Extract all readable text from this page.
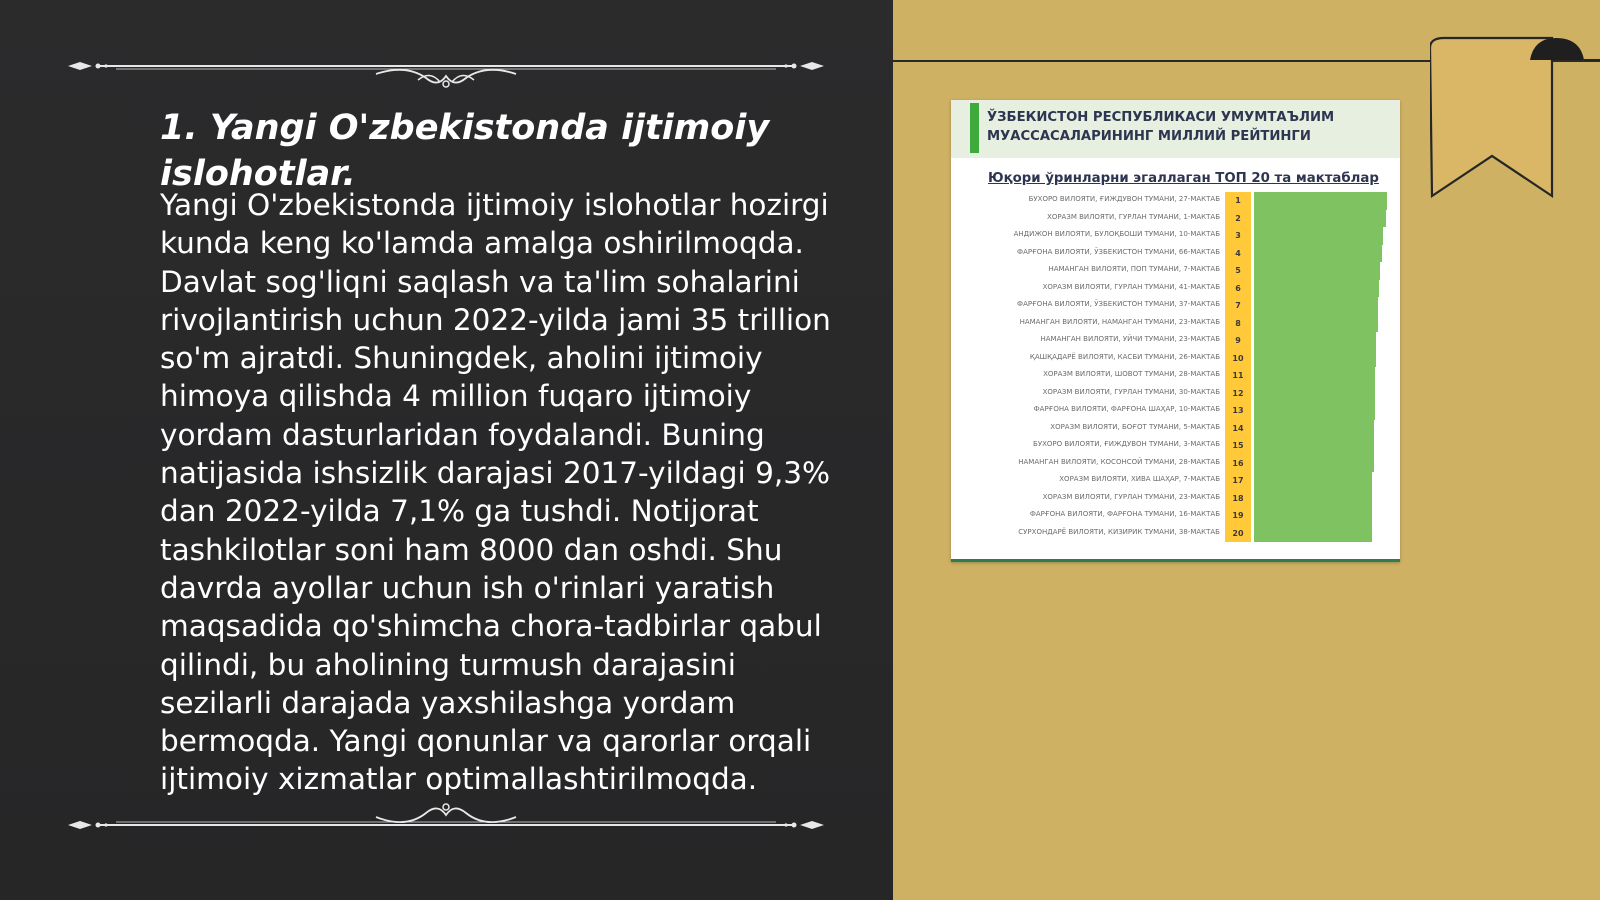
1. Yangi O'zbekistonda ijtimoiy islohotlar.

Yangi O'zbekistonda ijtimoiy islohotlar hozirgi kunda keng ko'lamda amalga oshirilmoqda. Davlat sog'liqni saqlash va ta'lim sohalarini rivojlantirish uchun 2022-yilda jami 35 trillion so'm ajratdi. Shuningdek, aholini ijtimoiy himoya qilishda 4 million fuqaro ijtimoiy yordam dasturlaridan foydalandi. Buning natijasida ishsizlik darajasi 2017-yildagi 9,3% dan 2022-yilda 7,1% ga tushdi. Notijorat tashkilotlar soni ham 8000 dan oshdi. Shu davrda ayollar uchun ish o'rinlari yaratish maqsadida qo'shimcha chora-tadbirlar qabul qilindi, bu aholining turmush darajasini sezilarli darajada yaxshilashga yordam bermoqda. Yangi qonunlar va qarorlar orqali ijtimoiy xizmatlar optimallashtirilmoqda.

ЎЗБЕКИСТОН РЕСПУБЛИКАСИ УМУМТАЪЛИМ МУАССАСАЛАРИНИНГ МИЛЛИЙ РЕЙТИНГИ
Юқори ўринларни эгаллаган ТОП 20 та мактаблар
БУХОРО ВИЛОЯТИ, ҒИЖДУВОН ТУМАНИ, 27-МАКТАБ	1
ХОРАЗМ ВИЛОЯТИ, ГУРЛАН ТУМАНИ, 1-МАКТАБ	2
АНДИЖОН ВИЛОЯТИ, БУЛОҚБОШИ ТУМАНИ, 10-МАКТАБ	3
ФАРҒОНА ВИЛОЯТИ, ЎЗБЕКИСТОН ТУМАНИ, 66-МАКТАБ	4
НАМАНГАН ВИЛОЯТИ, ПОП ТУМАНИ, 7-МАКТАБ	5
ХОРАЗМ ВИЛОЯТИ, ГУРЛАН ТУМАНИ, 41-МАКТАБ	6
ФАРҒОНА ВИЛОЯТИ, ЎЗБЕКИСТОН ТУМАНИ, 37-МАКТАБ	7
НАМАНГАН ВИЛОЯТИ, НАМАНГАН ТУМАНИ, 23-МАКТАБ	8
НАМАНГАН ВИЛОЯТИ, УЙЧИ ТУМАНИ, 23-МАКТАБ	9
ҚАШҚАДАРЁ ВИЛОЯТИ, КАСБИ ТУМАНИ, 26-МАКТАБ	10
ХОРАЗМ ВИЛОЯТИ, ШОВОТ ТУМАНИ, 28-МАКТАБ	11
ХОРАЗМ ВИЛОЯТИ, ГУРЛАН ТУМАНИ, 30-МАКТАБ	12
ФАРҒОНА ВИЛОЯТИ, ФАРҒОНА ШАҲАР, 10-МАКТАБ	13
ХОРАЗМ ВИЛОЯТИ, БОҒОТ ТУМАНИ, 5-МАКТАБ	14
БУХОРО ВИЛОЯТИ, ҒИЖДУВОН ТУМАНИ, 3-МАКТАБ	15
НАМАНГАН ВИЛОЯТИ, КОСОНСОЙ ТУМАНИ, 28-МАКТАБ	16
ХОРАЗМ ВИЛОЯТИ, ХИВА ШАҲАР, 7-МАКТАБ	17
ХОРАЗМ ВИЛОЯТИ, ГУРЛАН ТУМАНИ, 23-МАКТАБ	18
ФАРҒОНА ВИЛОЯТИ, ФАРҒОНА ТУМАНИ, 16-МАКТАБ	19
СУРХОНДАРЁ ВИЛОЯТИ, КИЗИРИК ТУМАНИ, 38-МАКТАБ	20
